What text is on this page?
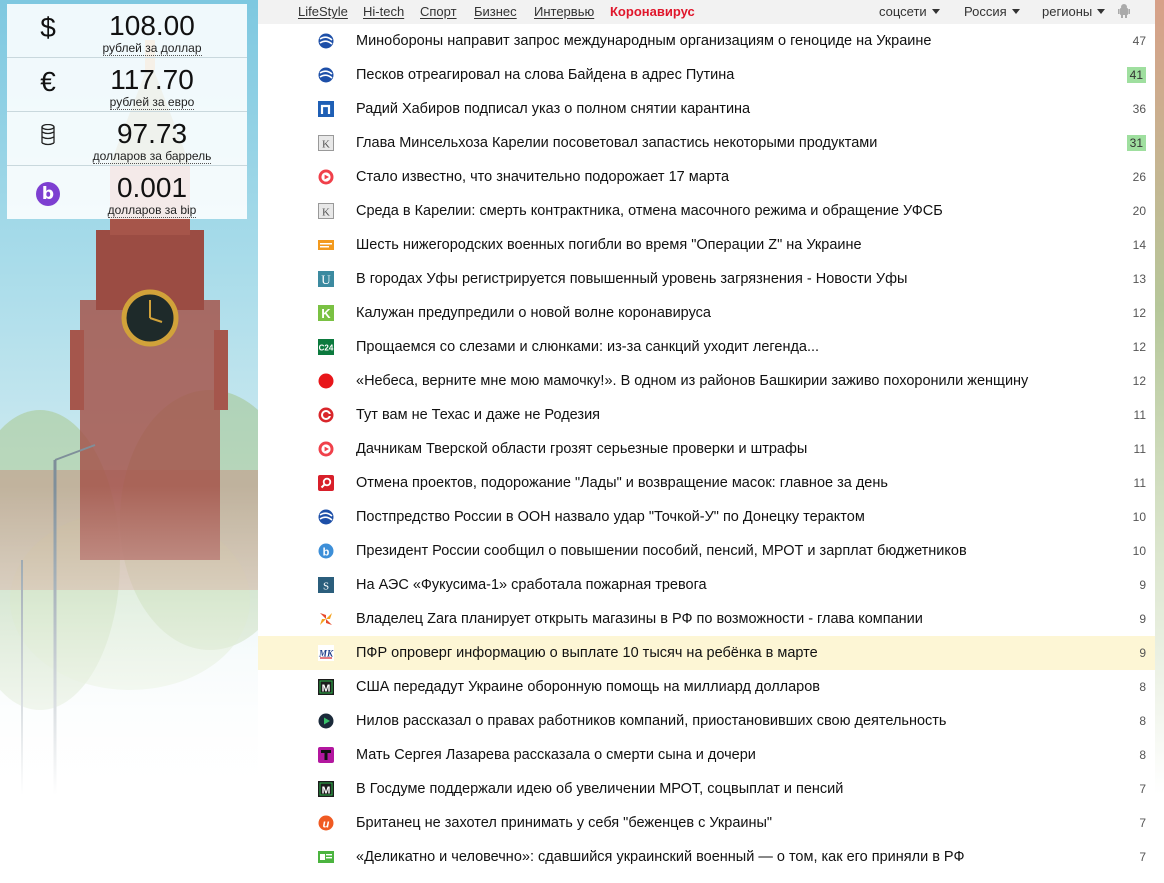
$	108.00
рублей за доллар
€	117.70
рублей за евро
97.73
долларов за баррель
b	0.001
долларов за bip
LifeStyle Hi-tech Спорт Бизнес Интервью Коронавирус	соцсети	Россия	регионы
Минобороны направит запрос международным организациям о геноциде на Украине	47
Песков отреагировал на слова Байдена в адрес Путина	41
Радий Хабиров подписал указ о полном снятии карантина	36
K Глава Минсельхоза Карелии посоветовал запастись некоторыми продуктами	31
Стало известно, что значительно подорожает 17 марта	26
K Среда в Карелии: смерть контрактника, отмена масочного режима и обращение УФСБ	20
Шесть нижегородских военных погибли во время "Операции Z" на Украине	14
U В городах Уфы регистрируется повышенный уровень загрязнения - Новости Уфы	13
K Калужан предупредили о новой волне коронавируса	12
C24 Прощаемся со слезами и слюнками: из-за санкций уходит легенда...	12
«Небеса, верните мне мою мамочку!». В одном из районов Башкирии заживо похоронили женщину	12
Тут вам не Техас и даже не Родезия	11
Дачникам Тверской области грозят серьезные проверки и штрафы	11
Отмена проектов, подорожание "Лады" и возвращение масок: главное за день	11
Постпредство России в ООН назвало удар "Точкой-У" по Донецку терактом	10
b Президент России сообщил о повышении пособий, пенсий, МРОТ и зарплат бюджетников	10
S На АЭС «Фукусима-1» сработала пожарная тревога	9
Владелец Zara планирует открыть магазины в РФ по возможности - глава компании	9
MK ПФР опроверг информацию о выплате 10 тысяч на ребёнка в марте	9
M США передадут Украине оборонную помощь на миллиард долларов	8
Нилов рассказал о правах работников компаний, приостановивших свою деятельность	8
Мать Сергея Лазарева рассказала о смерти сына и дочери	8
M В Госдуме поддержали идею об увеличении МРОТ, соцвыплат и пенсий	7
и Британец не захотел принимать у себя "беженцев с Украины"	7
«Деликатно и человечно»: сдавшийся украинский военный — о том, как его приняли в РФ	7
